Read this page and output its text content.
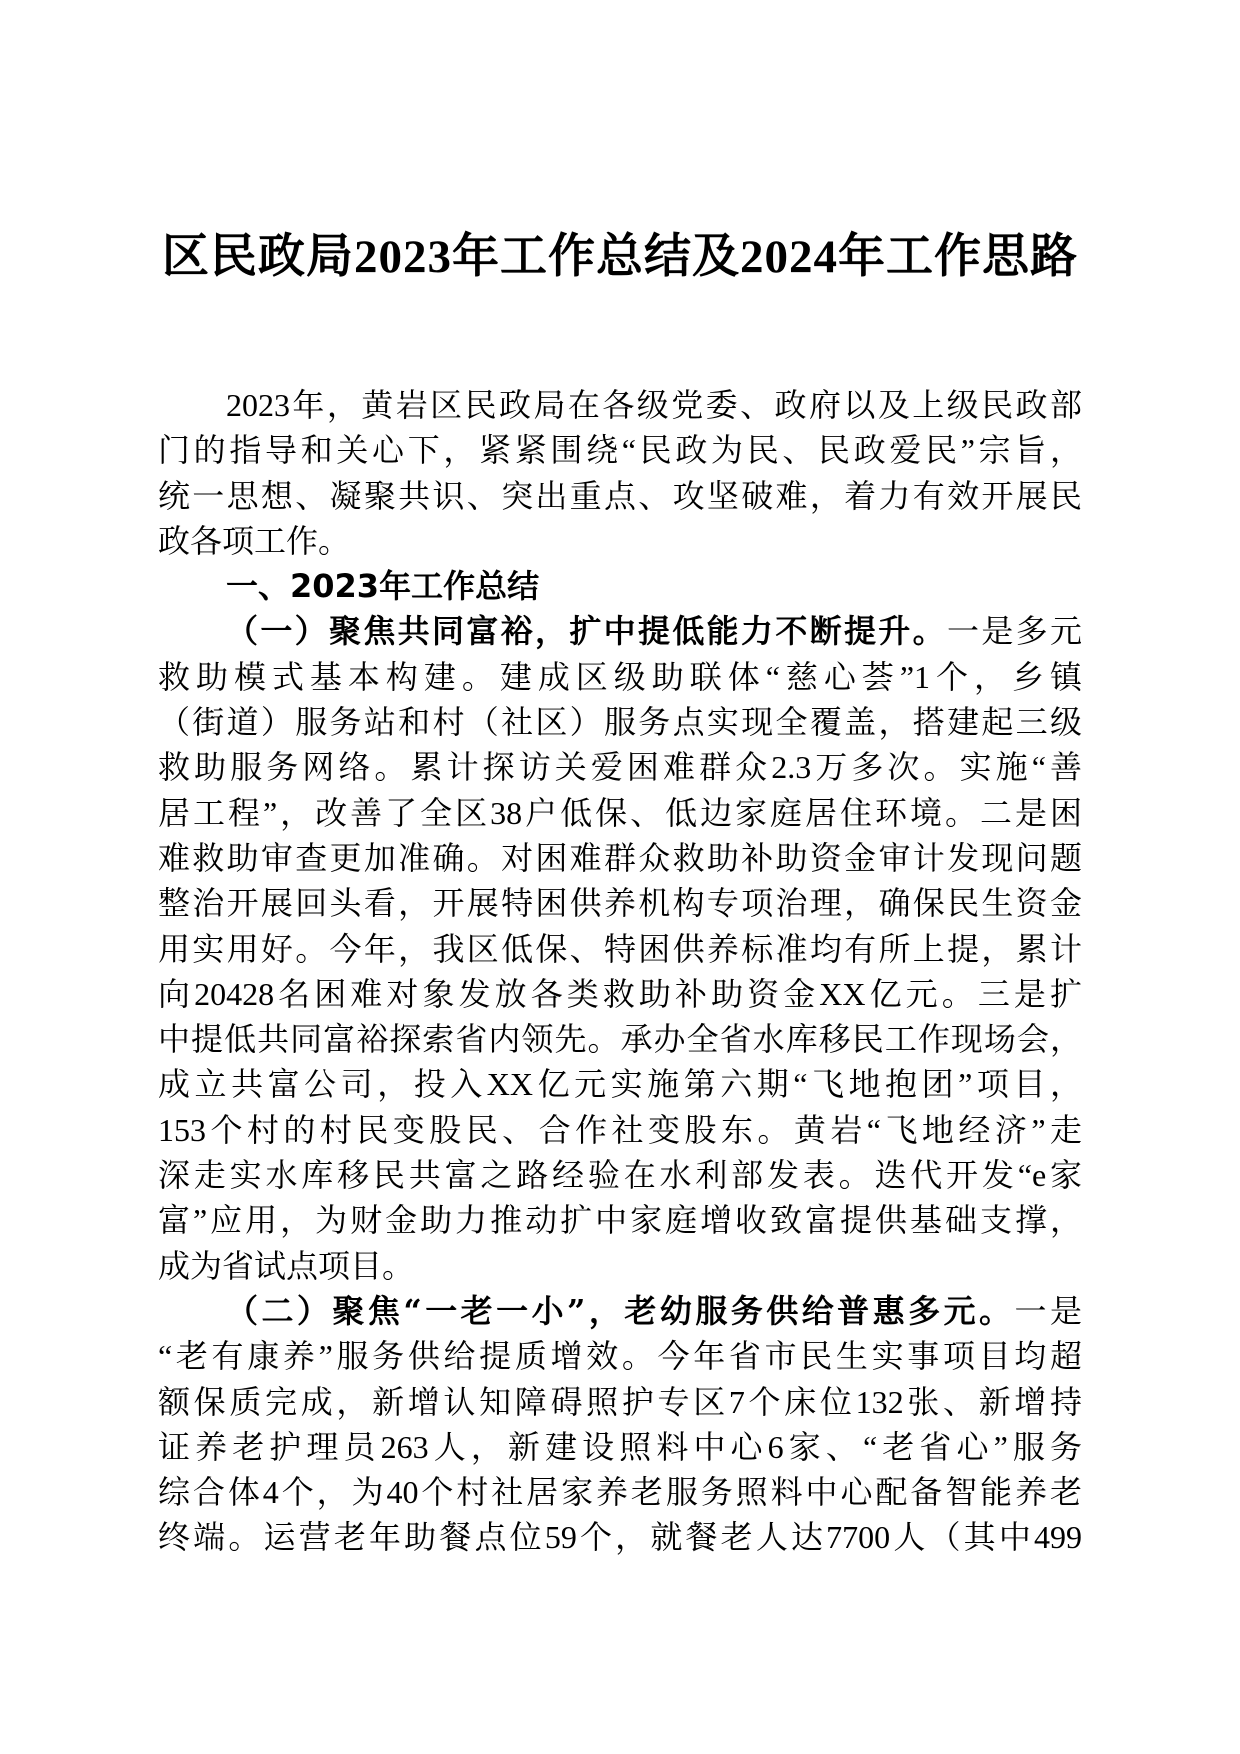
区民政局2023年工作总结及2024年工作思路
2023年，黄岩区民政局在各级党委、政府以及上级民政部
门的指导和关心下，紧紧围绕“民政为民、民政爱民”宗旨，
统一思想、凝聚共识、突出重点、攻坚破难，着力有效开展民
政各项工作。
一、2023年工作总结
（一）聚焦共同富裕，扩中提低能力不断提升。一是多元
救助模式基本构建。建成区级助联体“慈心荟”1个，乡镇
（街道）服务站和村（社区）服务点实现全覆盖，搭建起三级
救助服务网络。累计探访关爱困难群众2.3万多次。实施“善
居工程”，改善了全区38户低保、低边家庭居住环境。二是困
难救助审查更加准确。对困难群众救助补助资金审计发现问题
整治开展回头看，开展特困供养机构专项治理，确保民生资金
用实用好。今年，我区低保、特困供养标准均有所上提，累计
向20428名困难对象发放各类救助补助资金XX亿元。三是扩
中提低共同富裕探索省内领先。承办全省水库移民工作现场会，
成立共富公司，投入XX亿元实施第六期“飞地抱团”项目，
153个村的村民变股民、合作社变股东。黄岩“飞地经济”走
深走实水库移民共富之路经验在水利部发表。迭代开发“e家
富”应用，为财金助力推动扩中家庭增收致富提供基础支撑，
成为省试点项目。
（二）聚焦“一老一小”，老幼服务供给普惠多元。一是
“老有康养”服务供给提质增效。今年省市民生实事项目均超
额保质完成，新增认知障碍照护专区7个床位132张、新增持
证养老护理员263人，新建设照料中心6家、“老省心”服务
综合体4个，为40个村社居家养老服务照料中心配备智能养老
终端。运营老年助餐点位59个，就餐老人达7700人（其中499
